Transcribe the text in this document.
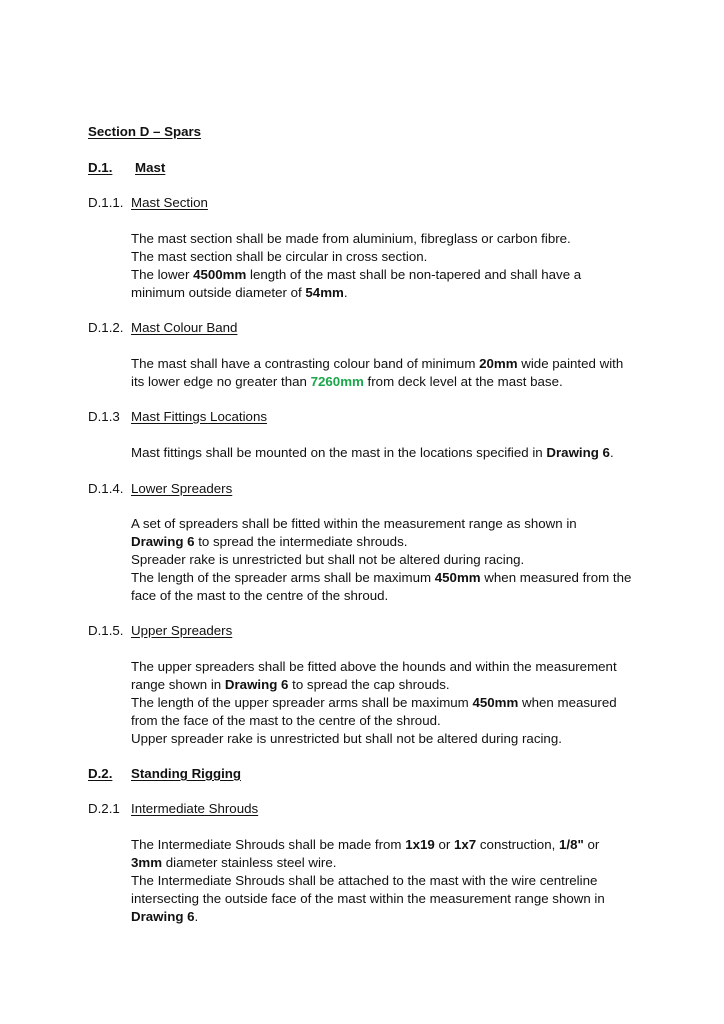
Section D – Spars
D.1. Mast
D.1.1. Mast Section
The mast section shall be made from aluminium, fibreglass or carbon fibre.
The mast section shall be circular in cross section.
The lower 4500mm length of the mast shall be non-tapered and shall have a
minimum outside diameter of 54mm.
D.1.2. Mast Colour Band
The mast shall have a contrasting colour band of minimum 20mm wide painted with
its lower edge no greater than 7260mm from deck level at the mast base.
D.1.3 Mast Fittings Locations
Mast fittings shall be mounted on the mast in the locations specified in Drawing 6.
D.1.4. Lower Spreaders
A set of spreaders shall be fitted within the measurement range as shown in
Drawing 6 to spread the intermediate shrouds.
Spreader rake is unrestricted but shall not be altered during racing.
The length of the spreader arms shall be maximum 450mm when measured from the
face of the mast to the centre of the shroud.
D.1.5. Upper Spreaders
The upper spreaders shall be fitted above the hounds and within the measurement
range shown in Drawing 6 to spread the cap shrouds.
The length of the upper spreader arms shall be maximum 450mm when measured
from the face of the mast to the centre of the shroud.
Upper spreader rake is unrestricted but shall not be altered during racing.
D.2. Standing Rigging
D.2.1 Intermediate Shrouds
The Intermediate Shrouds shall be made from 1x19 or 1x7 construction, 1/8" or
3mm diameter stainless steel wire.
The Intermediate Shrouds shall be attached to the mast with the wire centreline
intersecting the outside face of the mast within the measurement range shown in
Drawing 6.
